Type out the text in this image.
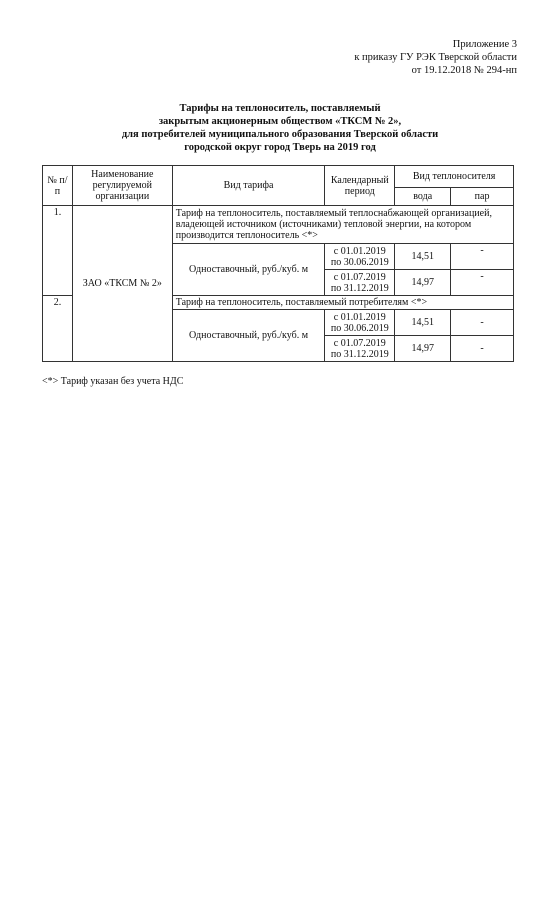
Приложение 3
к приказу ГУ РЭК Тверской области
от 19.12.2018 № 294-нп
Тарифы на теплоноситель, поставляемый
закрытым акционерным обществом «ТКСМ № 2»,
для потребителей муниципального образования Тверской области
городской округ город Тверь на 2019 год
№ п/п	Наименование регулируемой организации	Вид тарифа	Календарный период	Вид теплоносителя	
				вода	пар
1.	ЗАО «ТКСМ № 2»	Тариф на теплоноситель, поставляемый теплоснабжающей организацией, владеющей источником (источниками) тепловой энергии, на котором производится теплоноситель <*>			
		Одноставочный, руб./куб. м	с 01.01.2019
по 30.06.2019	14,51	-

			с 01.07.2019
по 31.12.2019	14,97	-
2.		Тариф на теплоноситель, поставляемый потребителям <*>			
		Одноставочный, руб./куб. м	с 01.01.2019
по 30.06.2019	14,51	-

			с 01.07.2019
по 31.12.2019	14,97	-
<*> Тариф указан без учета НДС
